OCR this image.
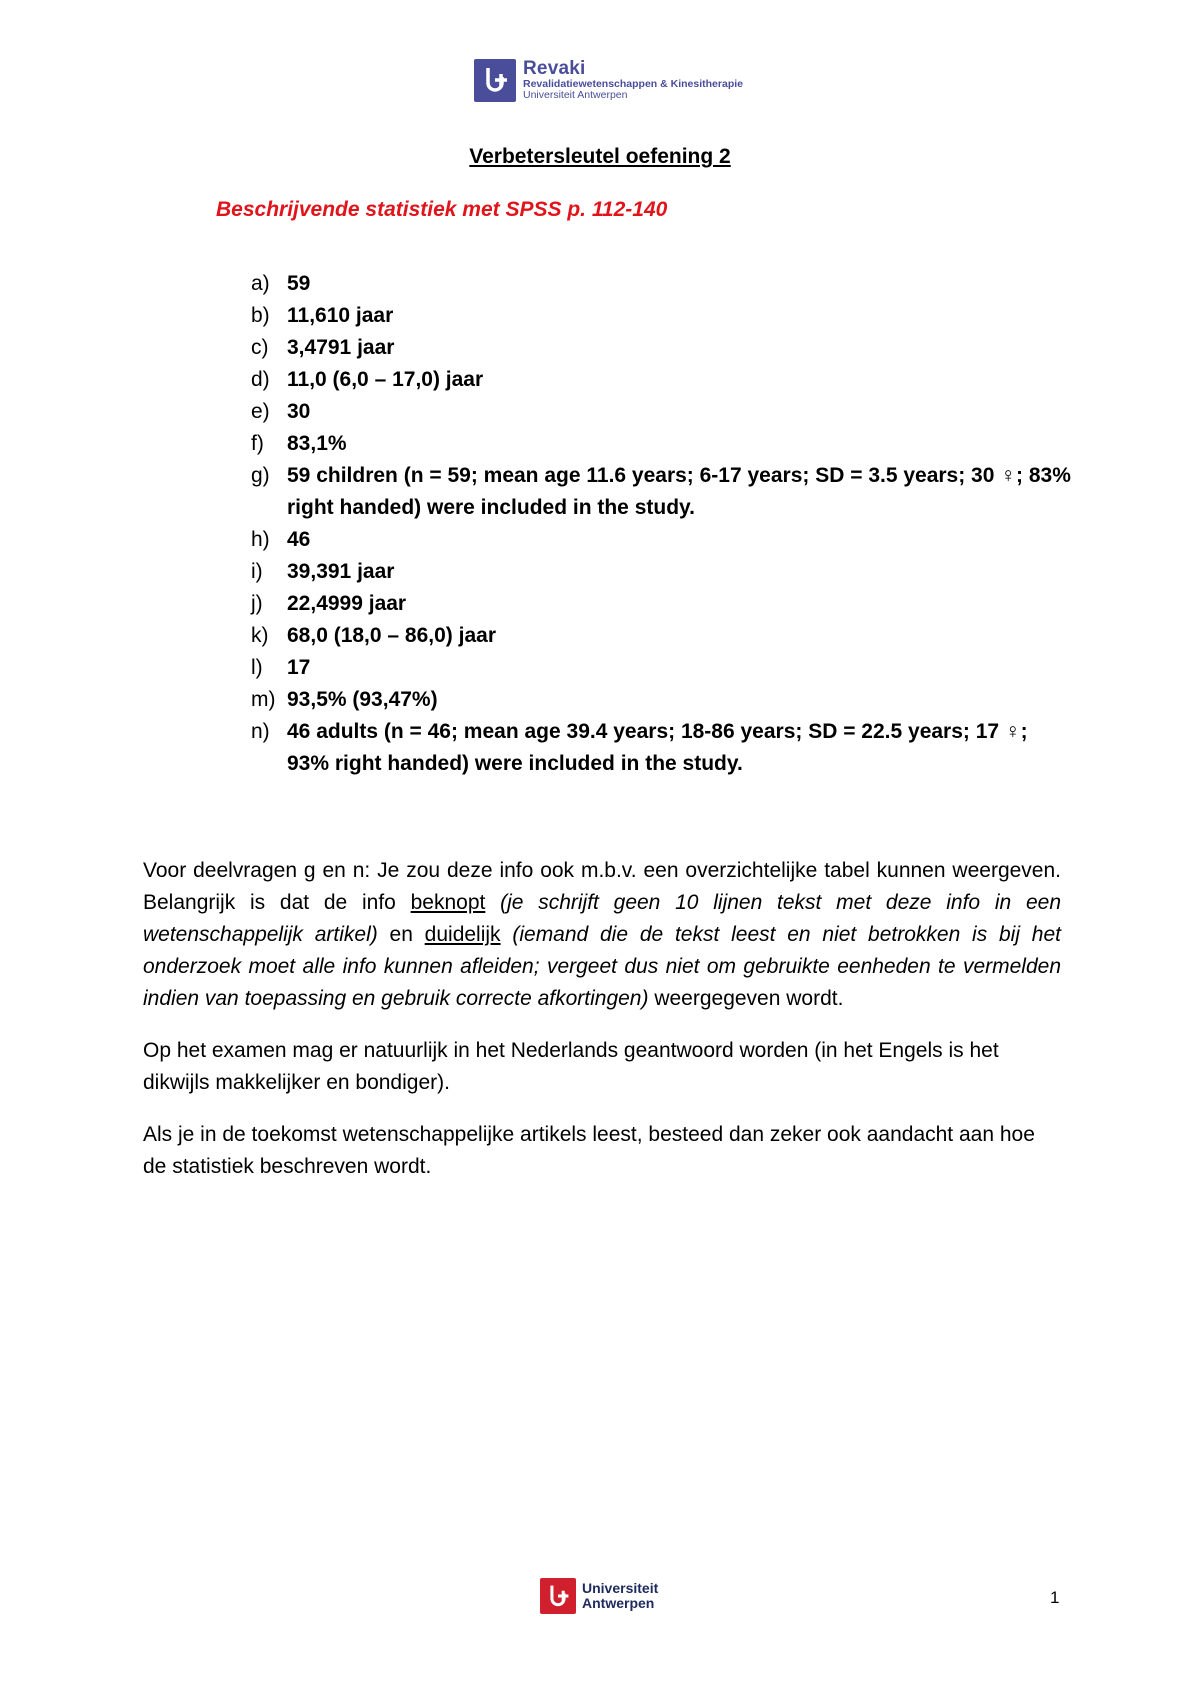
Revaki
Revalidatiewetenschappen & Kinesitherapie
Universiteit Antwerpen
Verbetersleutel oefening 2
Beschrijvende statistiek met SPSS p. 112-140
a) 59
b) 11,610 jaar
c) 3,4791 jaar
d) 11,0 (6,0 – 17,0) jaar
e) 30
f)	83,1%
g) 59 children (n = 59; mean age 11.6 years; 6-17 years; SD = 3.5 years; 30 ♀; 83% right handed) were included in the study.
h) 46
i)	39,391 jaar
j)	22,4999 jaar
k) 68,0 (18,0 – 86,0) jaar
l)	17
m) 93,5% (93,47%)
n) 46 adults (n = 46; mean age 39.4 years; 18-86 years; SD = 22.5 years; 17 ♀; 93% right handed) were included in the study.

Voor deelvragen g en n: Je zou deze info ook m.b.v. een overzichtelijke tabel kunnen weergeven. Belangrijk is dat de info beknopt (je schrijft geen 10 lijnen tekst met deze info in een wetenschappelijk artikel) en duidelijk (iemand die de tekst leest en niet betrokken is bij het onderzoek moet alle info kunnen afleiden; vergeet dus niet om gebruikte eenheden te vermelden indien van toepassing en gebruik correcte afkortingen) weergegeven wordt.

Op het examen mag er natuurlijk in het Nederlands geantwoord worden (in het Engels is het dikwijls makkelijker en bondiger).

Als je in de toekomst wetenschappelijke artikels leest, besteed dan zeker ook aandacht aan hoe de statistiek beschreven wordt.

Universiteit
Antwerpen	1
